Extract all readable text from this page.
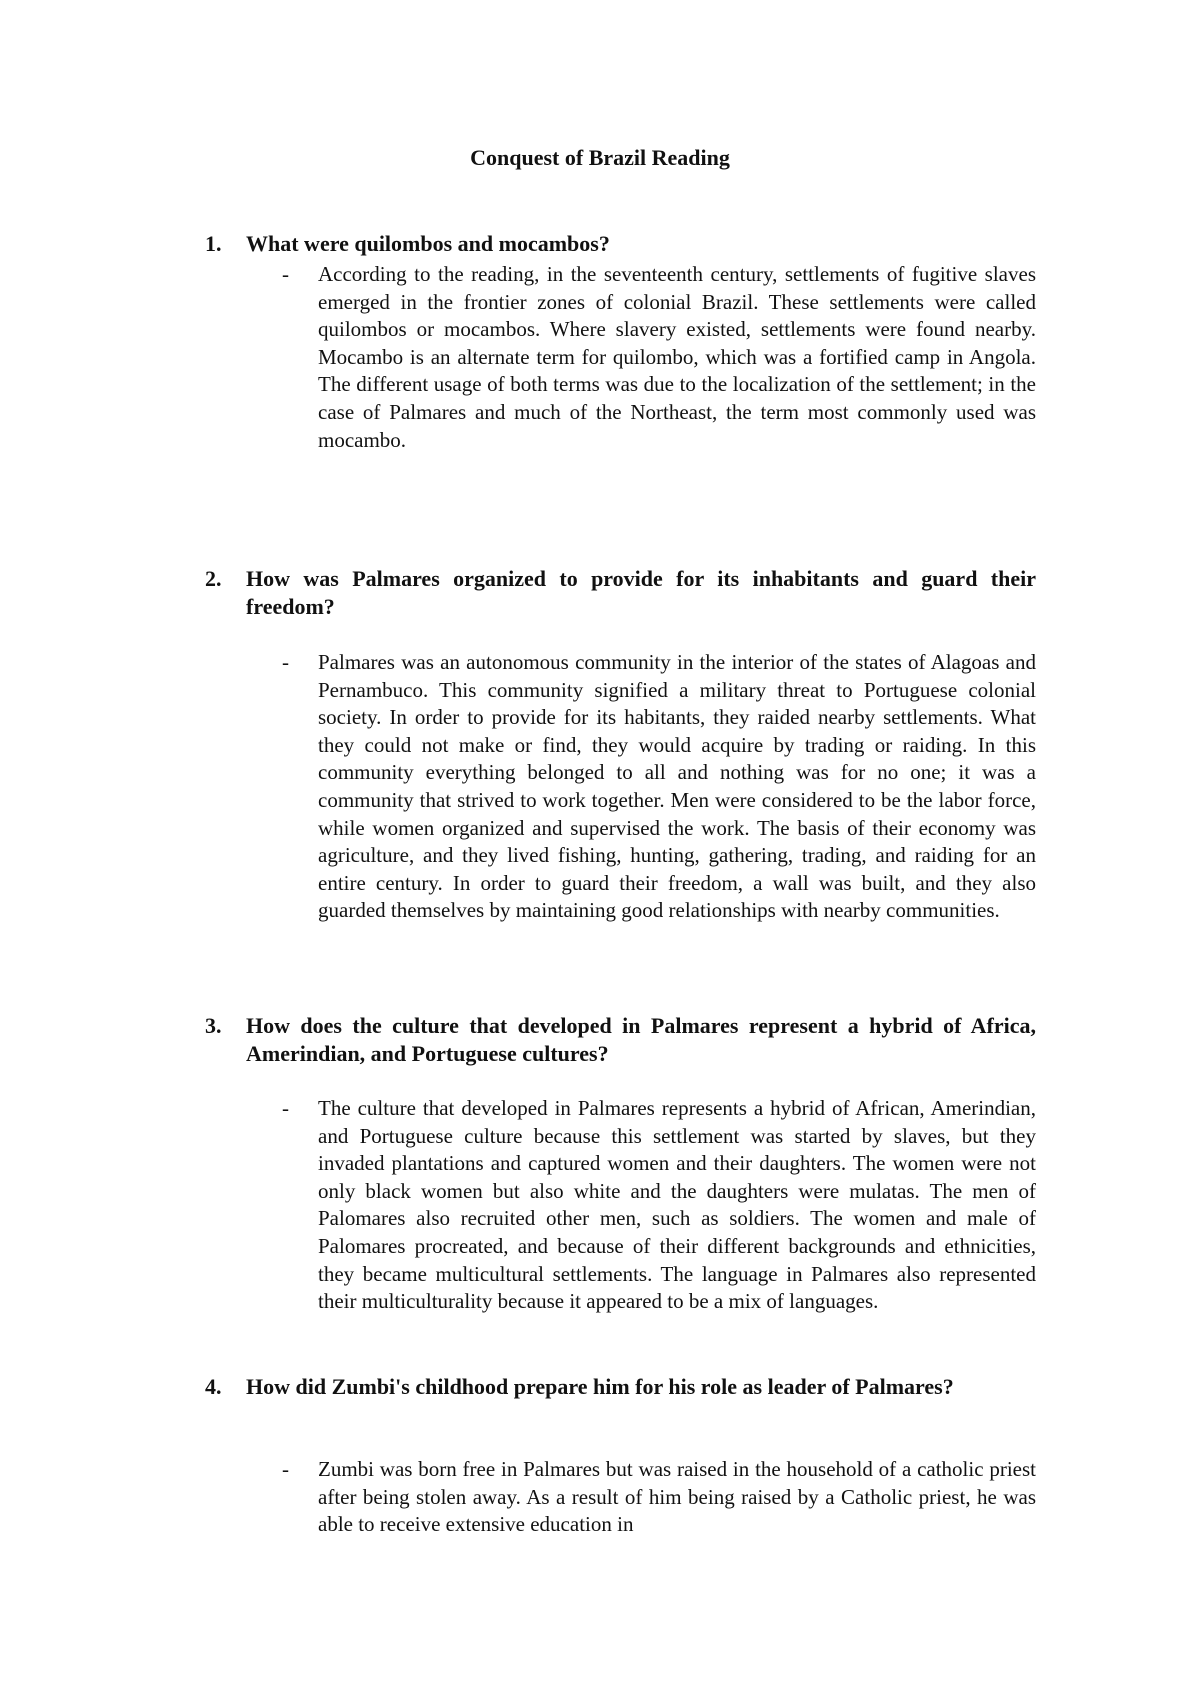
Conquest of Brazil Reading
1.	What were quilombos and mocambos?
- According to the reading, in the seventeenth century, settlements of fugitive slaves emerged in the frontier zones of colonial Brazil. These settlements were called quilombos or mocambos. Where slavery existed, settlements were found nearby. Mocambo is an alternate term for quilombo, which was a fortified camp in Angola. The different usage of both terms was due to the localization of the settlement; in the case of Palmares and much of the Northeast, the term most commonly used was mocambo.
2.	How was Palmares organized to provide for its inhabitants and guard their freedom?
- Palmares was an autonomous community in the interior of the states of Alagoas and Pernambuco. This community signified a military threat to Portuguese colonial society. In order to provide for its habitants, they raided nearby settlements. What they could not make or find, they would acquire by trading or raiding. In this community everything belonged to all and nothing was for no one; it was a community that strived to work together. Men were considered to be the labor force, while women organized and supervised the work. The basis of their economy was agriculture, and they lived fishing, hunting, gathering, trading, and raiding for an entire century. In order to guard their freedom, a wall was built, and they also guarded themselves by maintaining good relationships with nearby communities.
3.	How does the culture that developed in Palmares represent a hybrid of Africa, Amerindian, and Portuguese cultures?
- The culture that developed in Palmares represents a hybrid of African, Amerindian, and Portuguese culture because this settlement was started by slaves, but they invaded plantations and captured women and their daughters. The women were not only black women but also white and the daughters were mulatas. The men of Palomares also recruited other men, such as soldiers. The women and male of Palomares procreated, and because of their different backgrounds and ethnicities, they became multicultural settlements. The language in Palmares also represented their multiculturality because it appeared to be a mix of languages.
4.	How did Zumbi's childhood prepare him for his role as leader of Palmares?
- Zumbi was born free in Palmares but was raised in the household of a catholic priest after being stolen away. As a result of him being raised by a Catholic priest, he was able to receive extensive education in
